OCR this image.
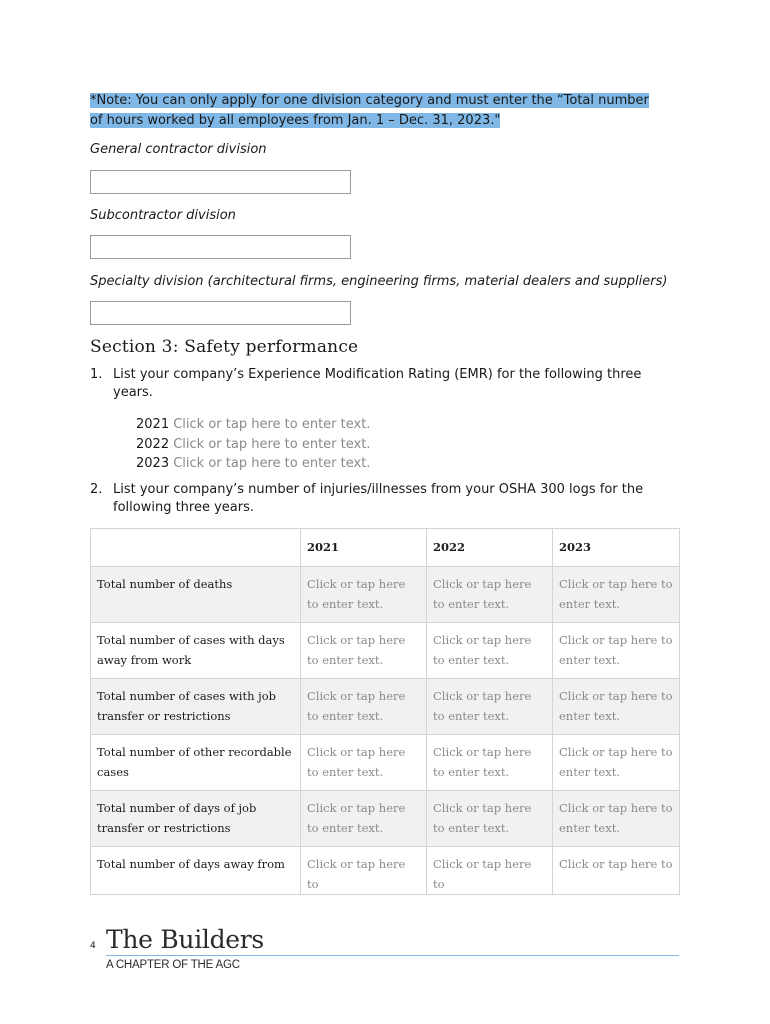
*Note: You can only apply for one division category and must enter the “Total number
of hours worked by all employees from Jan. 1 – Dec. 31, 2023."
General contractor division
Subcontractor division
Specialty division (architectural firms, engineering firms, material dealers and suppliers)
Section 3: Safety performance
1. List your company’s Experience Modification Rating (EMR) for the following three years.
2021 Click or tap here to enter text.
2022 Click or tap here to enter text.
2023 Click or tap here to enter text.
2. List your company’s number of injuries/illnesses from your OSHA 300 logs for the following three years.
	2021	2022	2023
Total number of deaths	Click or tap here to enter text.	Click or tap here to enter text.	Click or tap here to enter text.
Total number of cases with days away from work	Click or tap here to enter text.	Click or tap here to enter text.	Click or tap here to enter text.
Total number of cases with job transfer or restrictions	Click or tap here to enter text.	Click or tap here to enter text.	Click or tap here to enter text.
Total number of other recordable cases	Click or tap here to enter text.	Click or tap here to enter text.	Click or tap here to enter text.
Total number of days of job transfer or restrictions	Click or tap here to enter text.	Click or tap here to enter text.	Click or tap here to enter text.
Total number of days away from	Click or tap here to	Click or tap here to	Click or tap here to
4 The Builders
A CHAPTER OF THE AGC
